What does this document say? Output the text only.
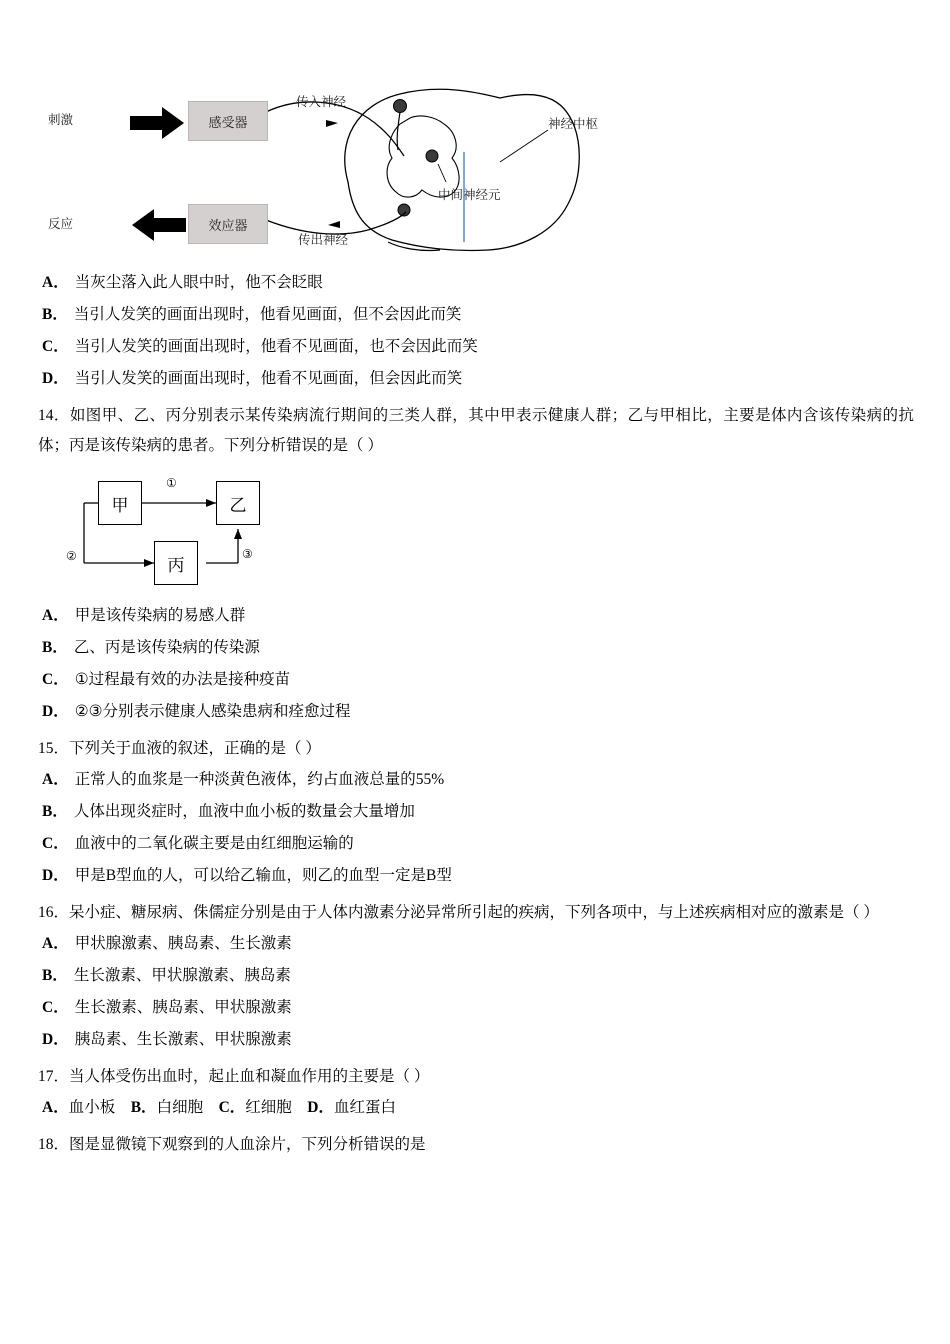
刺激	感受器
传入神经
神经中枢
中间神经元
反应	效应器
传出神经
A． 当灰尘落入此人眼中时，他不会眨眼
B． 当引人发笑的画面出现时，他看见画面，但不会因此而笑
C． 当引人发笑的画面出现时，他看不见画面，也不会因此而笑
D． 当引人发笑的画面出现时，他看不见画面，但会因此而笑
14．如图甲、乙、丙分别表示某传染病流行期间的三类人群，其中甲表示健康人群；乙与甲相比，主要是体内含该传染病的抗体；丙是该传染病的患者。下列分析错误的是（ ）
甲	乙
丙
①
②	③
A． 甲是该传染病的易感人群
B． 乙、丙是该传染病的传染源
C． ①过程最有效的办法是接种疫苗
D． ②③分别表示健康人感染患病和痊愈过程
15．下列关于血液的叙述，正确的是（ ）
A． 正常人的血浆是一种淡黄色液体，约占血液总量的55%
B． 人体出现炎症时，血液中血小板的数量会大量增加
C． 血液中的二氧化碳主要是由红细胞运输的
D． 甲是B型血的人，可以给乙输血，则乙的血型一定是B型
16．呆小症、糖尿病、侏儒症分别是由于人体内激素分泌异常所引起的疾病，下列各项中，与上述疾病相对应的激素是（ ）
A． 甲状腺激素、胰岛素、生长激素
B． 生长激素、甲状腺激素、胰岛素
C． 生长激素、胰岛素、甲状腺激素
D． 胰岛素、生长激素、甲状腺激素
17．当人体受伤出血时，起止血和凝血作用的主要是（ ）
A．血小板 B．白细胞 C．红细胞 D．血红蛋白
18．图是显微镜下观察到的人血涂片，下列分析错误的是
